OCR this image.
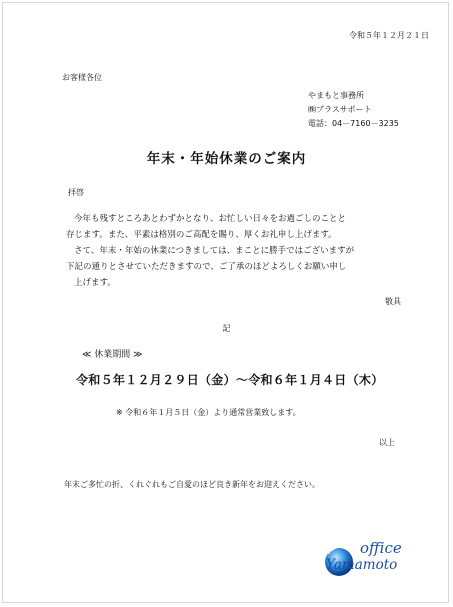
令和５年１２月２１日
お客様各位
やまもと事務所
㈱プラスサポート
電話：04－7160－3235
年末・年始休業のご案内
拝啓

今年も残すところあとわずかとなり、お忙しい日々をお過ごしのことと

存じます。また、平素は格別のご高配を賜り、厚くお礼申し上げます。

さて、年末・年始の休業につきましては、まことに勝手ではございますが

下記の通りとさせていただきますので、ご了承のほどよろしくお願い申し

上げます。

敬具
記
≪ 休業期間 ≫
令和５年１２月２９日（金）～令和６年１月４日（木）
※ 令和６年１月５日（金）より通常営業致します。
以上
年末ご多忙の折、くれぐれもご自愛のほど良き新年をお迎えください。
office
Yamamoto
